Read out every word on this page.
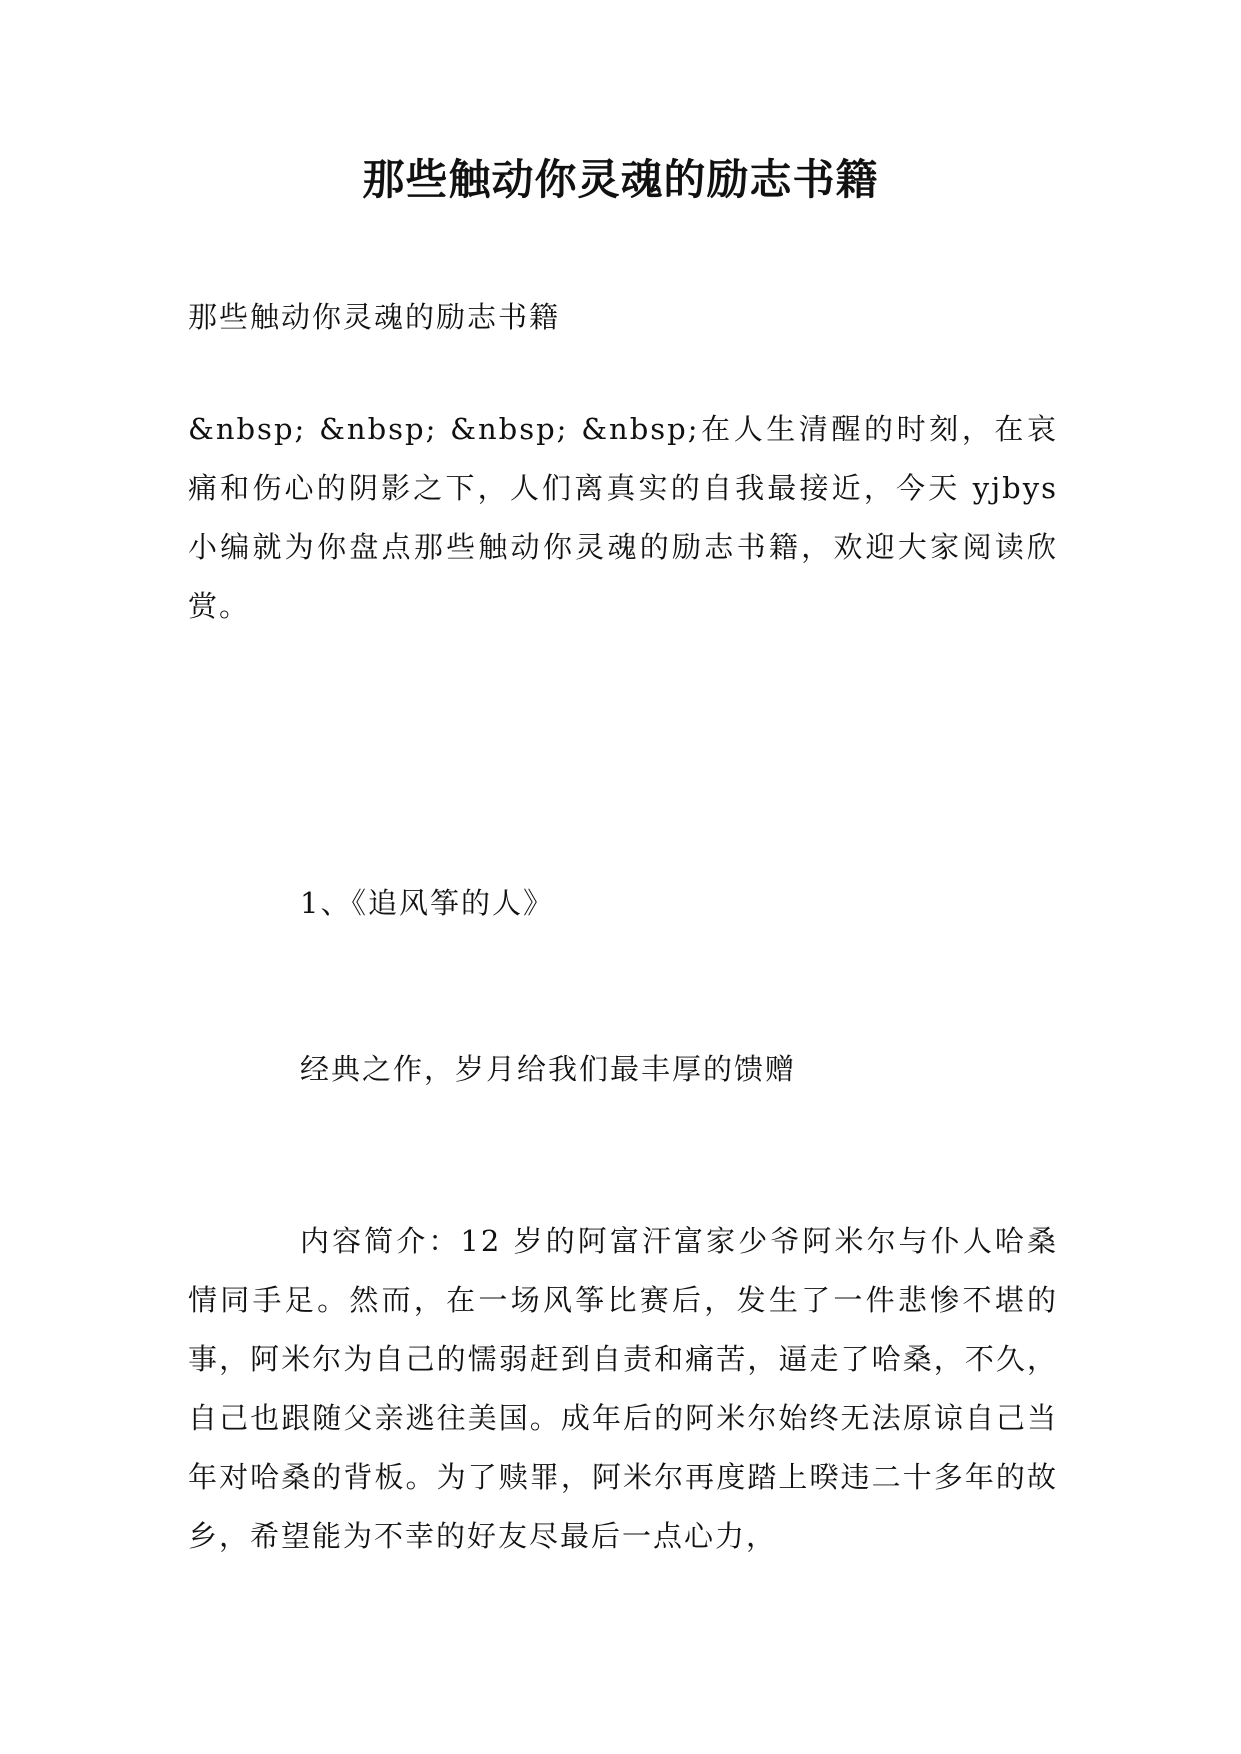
那些触动你灵魂的励志书籍

那些触动你灵魂的励志书籍

&nbsp; &nbsp; &nbsp; &nbsp;在人生清醒的时刻，在哀痛和伤心的阴影之下，人们离真实的自我最接近，今天 yjbys 小编就为你盘点那些触动你灵魂的励志书籍，欢迎大家阅读欣赏。

1、《追风筝的人》

经典之作，岁月给我们最丰厚的馈赠

内容简介：12 岁的阿富汗富家少爷阿米尔与仆人哈桑情同手足。然而，在一场风筝比赛后，发生了一件悲惨不堪的事，阿米尔为自己的懦弱赶到自责和痛苦，逼走了哈桑，不久，自己也跟随父亲逃往美国。成年后的阿米尔始终无法原谅自己当年对哈桑的背板。为了赎罪，阿米尔再度踏上暌违二十多年的故乡，希望能为不幸的好友尽最后一点心力，
